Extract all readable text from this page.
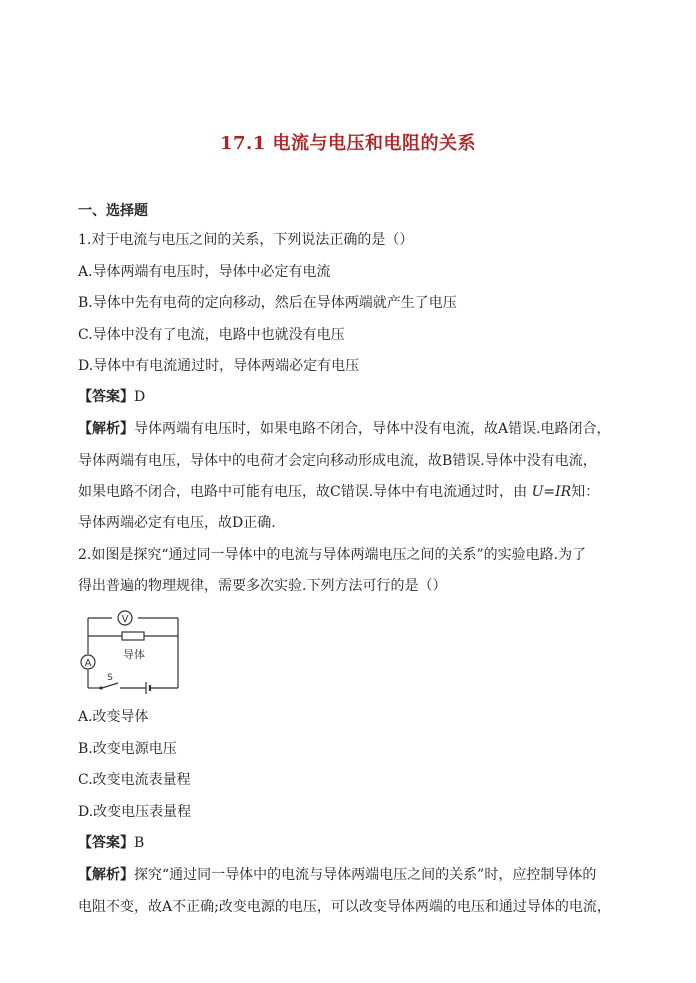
17.1 电流与电压和电阻的关系
一、选择题
1.对于电流与电压之间的关系，下列说法正确的是（）
A.导体两端有电压时，导体中必定有电流
B.导体中先有电荷的定向移动，然后在导体两端就产生了电压
C.导体中没有了电流，电路中也就没有电压
D.导体中有电流通过时，导体两端必定有电压
【答案】D
【解析】导体两端有电压时，如果电路不闭合，导体中没有电流，故A错误.电路闭合，
导体两端有电压，导体中的电荷才会定向移动形成电流，故B错误.导体中没有电流，
如果电路不闭合，电路中可能有电压，故C错误.导体中有电流通过时，由 U=IR知：
导体两端必定有电压，故D正确.
2.如图是探究“通过同一导体中的电流与导体两端电压之间的关系”的实验电路.为了
得出普遍的物理规律，需要多次实验.下列方法可行的是（）
V
导体
A
S
A.改变导体
B.改变电源电压
C.改变电流表量程
D.改变电压表量程
【答案】B
【解析】探究“通过同一导体中的电流与导体两端电压之间的关系”时，应控制导体的
电阻不变，故A不正确;改变电源的电压，可以改变导体两端的电压和通过导体的电流，
